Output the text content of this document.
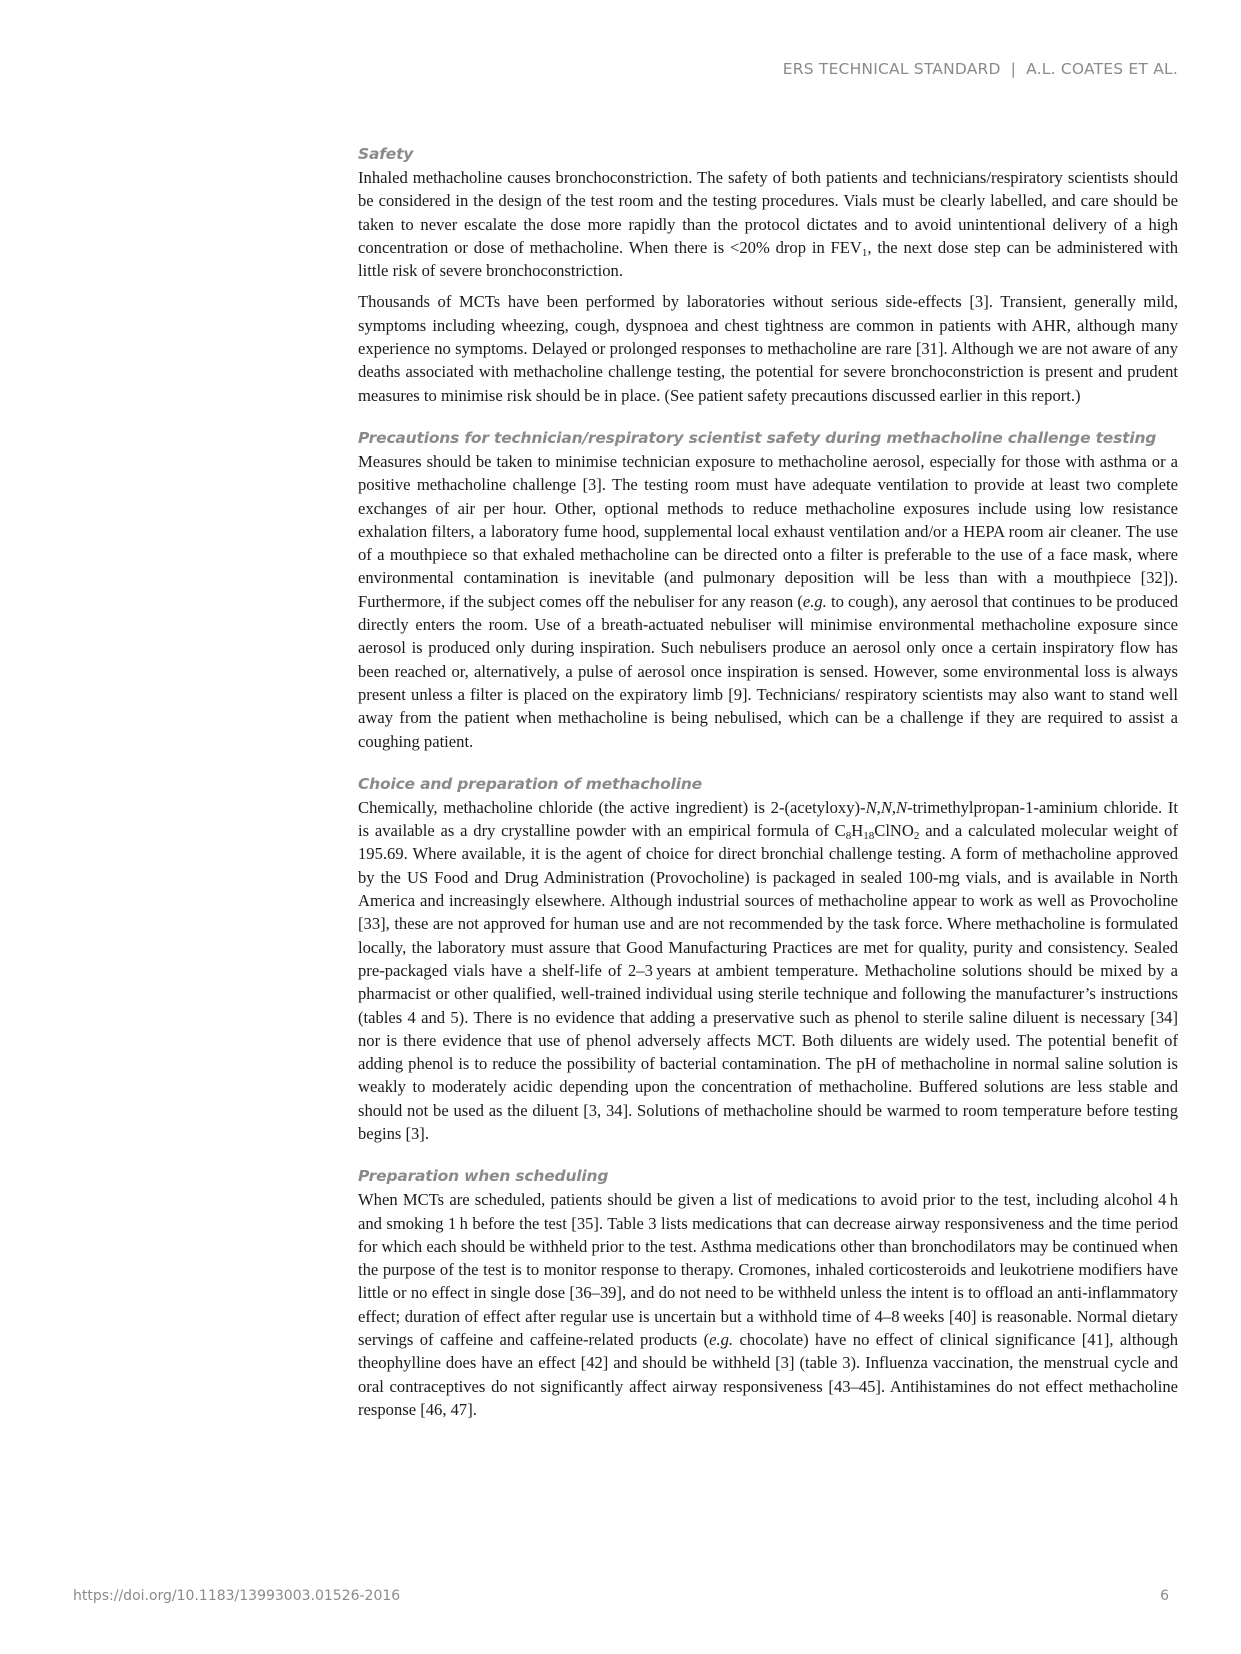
ERS TECHNICAL STANDARD | A.L. COATES ET AL.
Safety

Inhaled methacholine causes bronchoconstriction. The safety of both patients and technicians/respiratory scientists should be considered in the design of the test room and the testing procedures. Vials must be clearly labelled, and care should be taken to never escalate the dose more rapidly than the protocol dictates and to avoid unintentional delivery of a high concentration or dose of methacholine. When there is <20% drop in $FEV_1$, the next dose step can be administered with little risk of severe bronchoconstriction.

Thousands of MCTs have been performed by laboratories without serious side-effects [3]. Transient, generally mild, symptoms including wheezing, cough, dyspnoea and chest tightness are common in patients with AHR, although many experience no symptoms. Delayed or prolonged responses to methacholine are rare [31]. Although we are not aware of any deaths associated with methacholine challenge testing, the potential for severe bronchoconstriction is present and prudent measures to minimise risk should be in place. (See patient safety precautions discussed earlier in this report.)

Precautions for technician/respiratory scientist safety during methacholine challenge testing

Measures should be taken to minimise technician exposure to methacholine aerosol, especially for those with asthma or a positive methacholine challenge [3]. The testing room must have adequate ventilation to provide at least two complete exchanges of air per hour. Other, optional methods to reduce methacholine exposures include using low resistance exhalation filters, a laboratory fume hood, supplemental local exhaust ventilation and/or a HEPA room air cleaner. The use of a mouthpiece so that exhaled methacholine can be directed onto a filter is preferable to the use of a face mask, where environmental contamination is inevitable (and pulmonary deposition will be less than with a mouthpiece [32]). Furthermore, if the subject comes off the nebuliser for any reason (e.g. to cough), any aerosol that continues to be produced directly enters the room. Use of a breath-actuated nebuliser will minimise environmental methacholine exposure since aerosol is produced only during inspiration. Such nebulisers produce an aerosol only once a certain inspiratory flow has been reached or, alternatively, a pulse of aerosol once inspiration is sensed. However, some environmental loss is always present unless a filter is placed on the expiratory limb [9]. Technicians/ respiratory scientists may also want to stand well away from the patient when methacholine is being nebulised, which can be a challenge if they are required to assist a coughing patient.

Choice and preparation of methacholine

Chemically, methacholine chloride (the active ingredient) is 2-(acetyloxy)-N,N,N-trimethylpropan-1-aminium chloride. It is available as a dry crystalline powder with an empirical formula of $C_8H_{18}ClNO_2$ and a calculated molecular weight of 195.69. Where available, it is the agent of choice for direct bronchial challenge testing. A form of methacholine approved by the US Food and Drug Administration (Provocholine) is packaged in sealed 100-mg vials, and is available in North America and increasingly elsewhere. Although industrial sources of methacholine appear to work as well as Provocholine [33], these are not approved for human use and are not recommended by the task force. Where methacholine is formulated locally, the laboratory must assure that Good Manufacturing Practices are met for quality, purity and consistency. Sealed pre-packaged vials have a shelf-life of 2–3 years at ambient temperature. Methacholine solutions should be mixed by a pharmacist or other qualified, well-trained individual using sterile technique and following the manufacturer’s instructions (tables 4 and 5). There is no evidence that adding a preservative such as phenol to sterile saline diluent is necessary [34] nor is there evidence that use of phenol adversely affects MCT. Both diluents are widely used. The potential benefit of adding phenol is to reduce the possibility of bacterial contamination. The pH of methacholine in normal saline solution is weakly to moderately acidic depending upon the concentration of methacholine. Buffered solutions are less stable and should not be used as the diluent [3, 34]. Solutions of methacholine should be warmed to room temperature before testing begins [3].

Preparation when scheduling

When MCTs are scheduled, patients should be given a list of medications to avoid prior to the test, including alcohol 4 h and smoking 1 h before the test [35]. Table 3 lists medications that can decrease airway responsiveness and the time period for which each should be withheld prior to the test. Asthma medications other than bronchodilators may be continued when the purpose of the test is to monitor response to therapy. Cromones, inhaled corticosteroids and leukotriene modifiers have little or no effect in single dose [36–39], and do not need to be withheld unless the intent is to offload an anti-inflammatory effect; duration of effect after regular use is uncertain but a withhold time of 4–8 weeks [40] is reasonable. Normal dietary servings of caffeine and caffeine-related products (e.g. chocolate) have no effect of clinical significance [41], although theophylline does have an effect [42] and should be withheld [3] (table 3). Influenza vaccination, the menstrual cycle and oral contraceptives do not significantly affect airway responsiveness [43–45]. Antihistamines do not effect methacholine response [46, 47].

https://doi.org/10.1183/13993003.01526-2016	6
